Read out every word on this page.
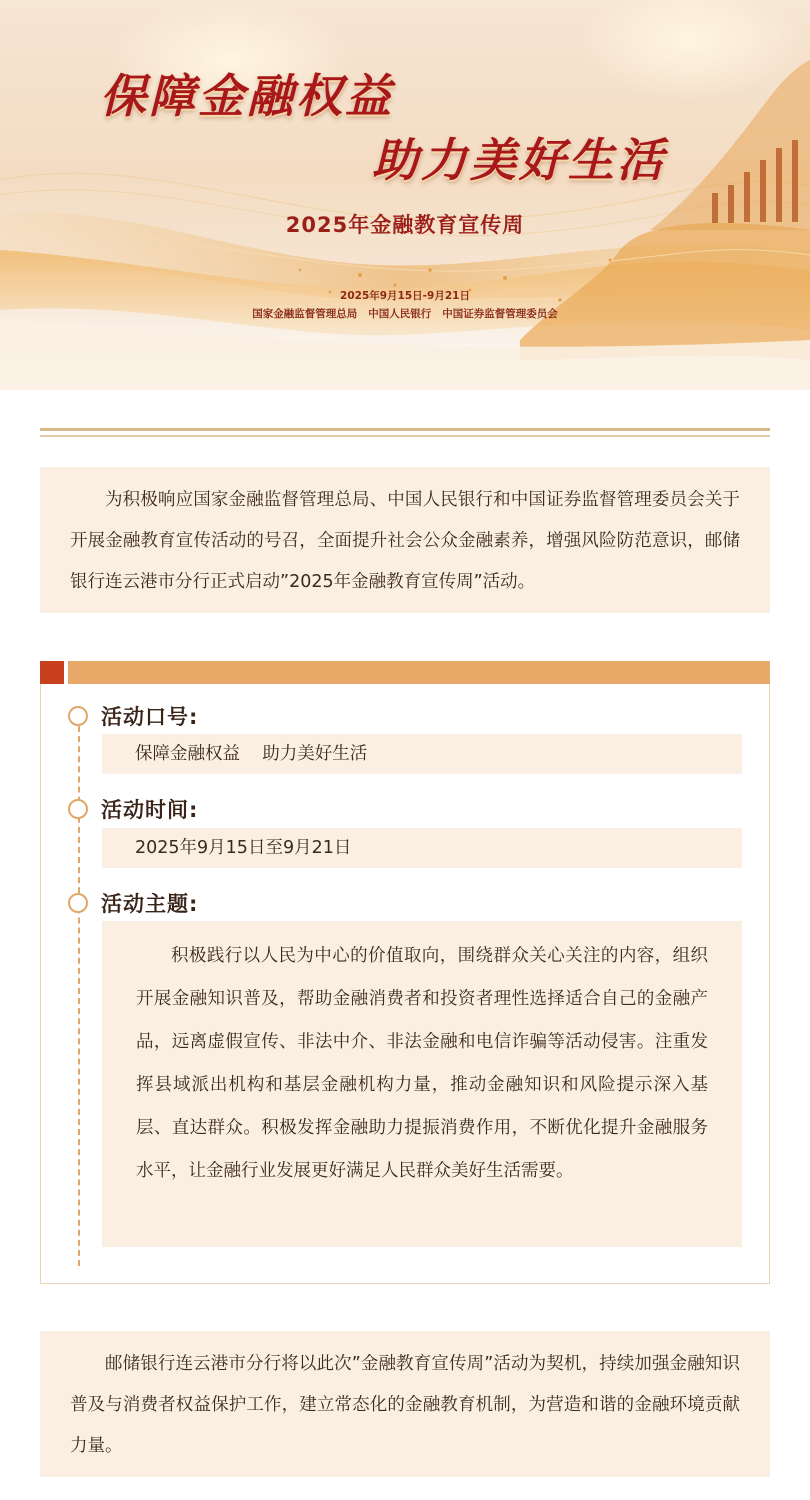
保障金融权益
助力美好生活
2025年金融教育宣传周
2025年9月15日-9月21日
国家金融监督管理总局   中国人民银行   中国证券监督管理委员会

为积极响应国家金融监督管理总局、中国人民银行和中国证券监督管理委员会关于开展金融教育宣传活动的号召，全面提升社会公众金融素养，增强风险防范意识，邮储银行连云港市分行正式启动”2025年金融教育宣传周”活动。

活动口号:
保障金融权益    助力美好生活
活动时间:
2025年9月15日至9月21日
活动主题:

积极践行以人民为中心的价值取向，围绕群众关心关注的内容，组织开展金融知识普及，帮助金融消费者和投资者理性选择适合自己的金融产品，远离虚假宣传、非法中介、非法金融和电信诈骗等活动侵害。注重发挥县域派出机构和基层金融机构力量，推动金融知识和风险提示深入基层、直达群众。积极发挥金融助力提振消费作用，不断优化提升金融服务水平，让金融行业发展更好满足人民群众美好生活需要。

邮储银行连云港市分行将以此次”金融教育宣传周”活动为契机，持续加强金融知识普及与消费者权益保护工作，建立常态化的金融教育机制，为营造和谐的金融环境贡献力量。
